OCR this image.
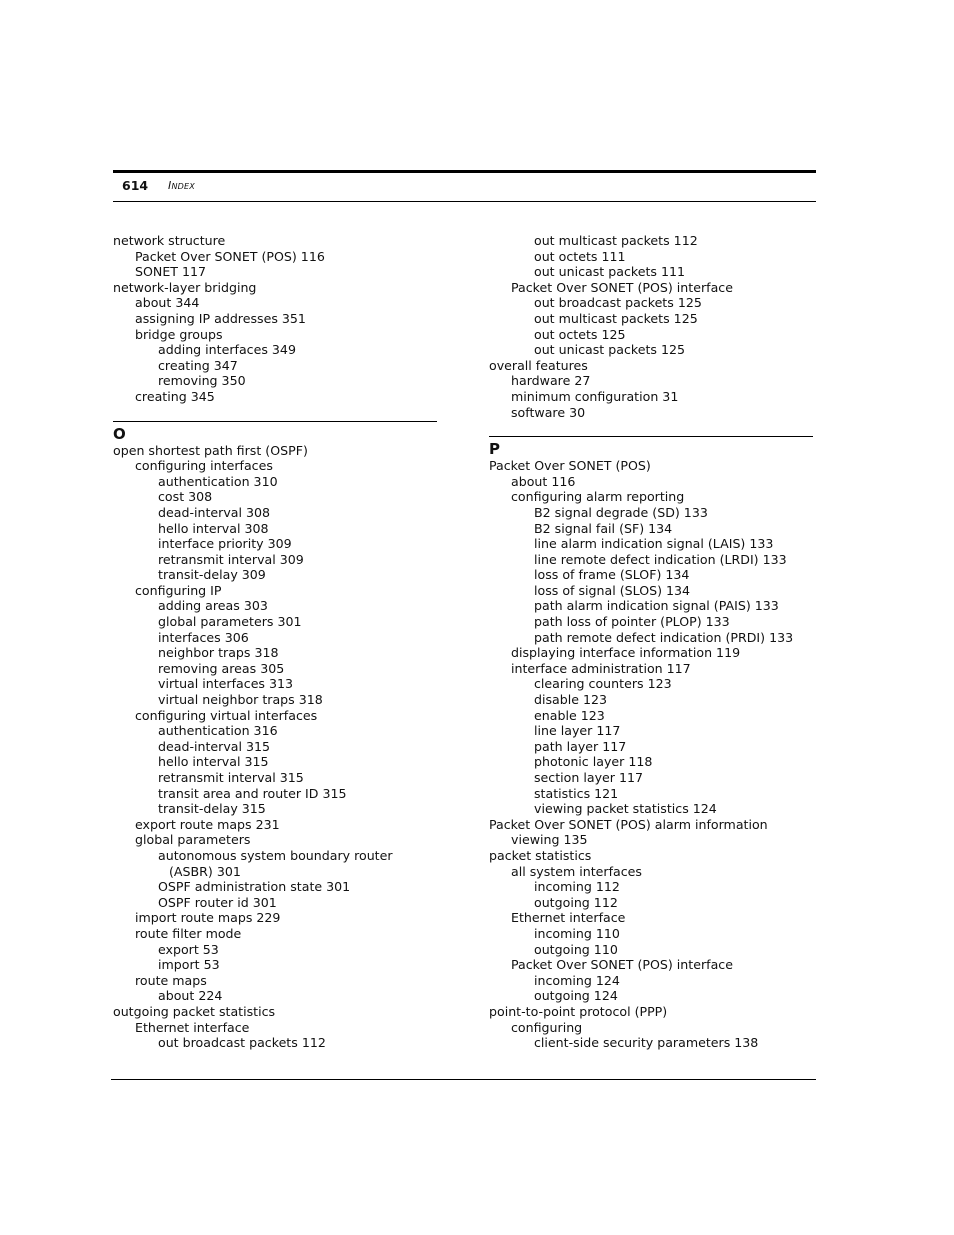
614 Index
network structure
Packet Over SONET (POS) 116
SONET 117
network-layer bridging
about 344
assigning IP addresses 351
bridge groups
adding interfaces 349
creating 347
removing 350
creating 345
O
open shortest path first (OSPF)
configuring interfaces
authentication 310
cost 308
dead-interval 308
hello interval 308
interface priority 309
retransmit interval 309
transit-delay 309
configuring IP
adding areas 303
global parameters 301
interfaces 306
neighbor traps 318
removing areas 305
virtual interfaces 313
virtual neighbor traps 318
configuring virtual interfaces
authentication 316
dead-interval 315
hello interval 315
retransmit interval 315
transit area and router ID 315
transit-delay 315
export route maps 231
global parameters
autonomous system boundary router
(ASBR) 301
OSPF administration state 301
OSPF router id 301
import route maps 229
route filter mode
export 53
import 53
route maps
about 224
outgoing packet statistics
Ethernet interface
out broadcast packets 112
out multicast packets 112
out octets 111
out unicast packets 111
Packet Over SONET (POS) interface
out broadcast packets 125
out multicast packets 125
out octets 125
out unicast packets 125
overall features
hardware 27
minimum configuration 31
software 30
P
Packet Over SONET (POS)
about 116
configuring alarm reporting
B2 signal degrade (SD) 133
B2 signal fail (SF) 134
line alarm indication signal (LAIS) 133
line remote defect indication (LRDI) 133
loss of frame (SLOF) 134
loss of signal (SLOS) 134
path alarm indication signal (PAIS) 133
path loss of pointer (PLOP) 133
path remote defect indication (PRDI) 133
displaying interface information 119
interface administration 117
clearing counters 123
disable 123
enable 123
line layer 117
path layer 117
photonic layer 118
section layer 117
statistics 121
viewing packet statistics 124
Packet Over SONET (POS) alarm information
viewing 135
packet statistics
all system interfaces
incoming 112
outgoing 112
Ethernet interface
incoming 110
outgoing 110
Packet Over SONET (POS) interface
incoming 124
outgoing 124
point-to-point protocol (PPP)
configuring
client-side security parameters 138
